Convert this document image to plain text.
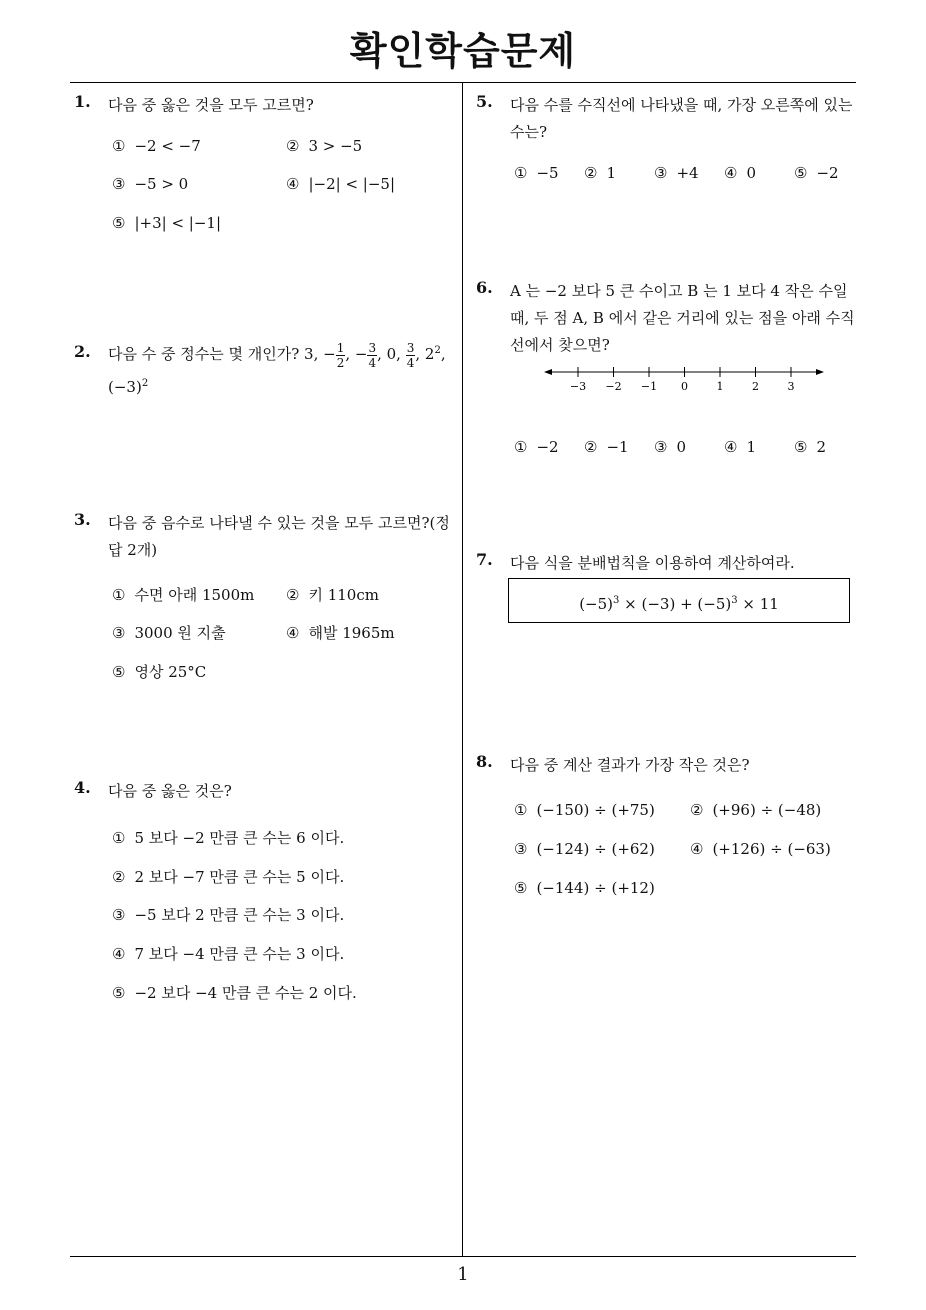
확인학습문제
1
1. 다음 중 옳은 것을 모두 고르면?
① −2 < −7	② 3 > −5
③ −5 > 0	④ |−2| < |−5|
⑤ |+3| < |−1|
2. 다음 수 중 정수는 몇 개인가? 3, − $\frac{1}{2}$ , − $\frac{3}{4}$ , 0, $\frac{3}{4}$ , $2^2$,
$(-3)^2$
3. 다음 중 음수로 나타낼 수 있는 것을 모두 고르면?(정답 2개)
① 수면 아래 1500m ② 키 110cm
③ 3000 원 지출	④ 해발 1965m
⑤ 영상 25°C
4. 다음 중 옳은 것은?
① 5 보다 −2 만큼 큰 수는 6 이다.
② 2 보다 −7 만큼 큰 수는 5 이다.
③ −5 보다 2 만큼 큰 수는 3 이다.
④ 7 보다 −4 만큼 큰 수는 3 이다.
⑤ −2 보다 −4 만큼 큰 수는 2 이다.
5. 다음 수를 수직선에 나타냈을 때, 가장 오른쪽에 있는 수는?
① −5 ② 1	③ +4 ④ 0	⑤ −2
6. A 는 −2 보다 5 큰 수이고 B 는 1 보다 4 작은 수일 때, 두 점 A, B 에서 같은 거리에 있는 점을 아래 수직선에서 찾으면?
−3 −2 −1 0	1	2	3
① −2 ② −1 ③ 0	④ 1	⑤ 2
7. 다음 식을 분배법칙을 이용하여 계산하여라.
$(-5)^3 \times (-3) + (-5)^3 \times 11$
8. 다음 중 계산 결과가 가장 작은 것은?
① (−150) ÷ (+75) ② (+96) ÷ (−48)
③ (−124) ÷ (+62) ④ (+126) ÷ (−63)
⑤ (−144) ÷ (+12)
